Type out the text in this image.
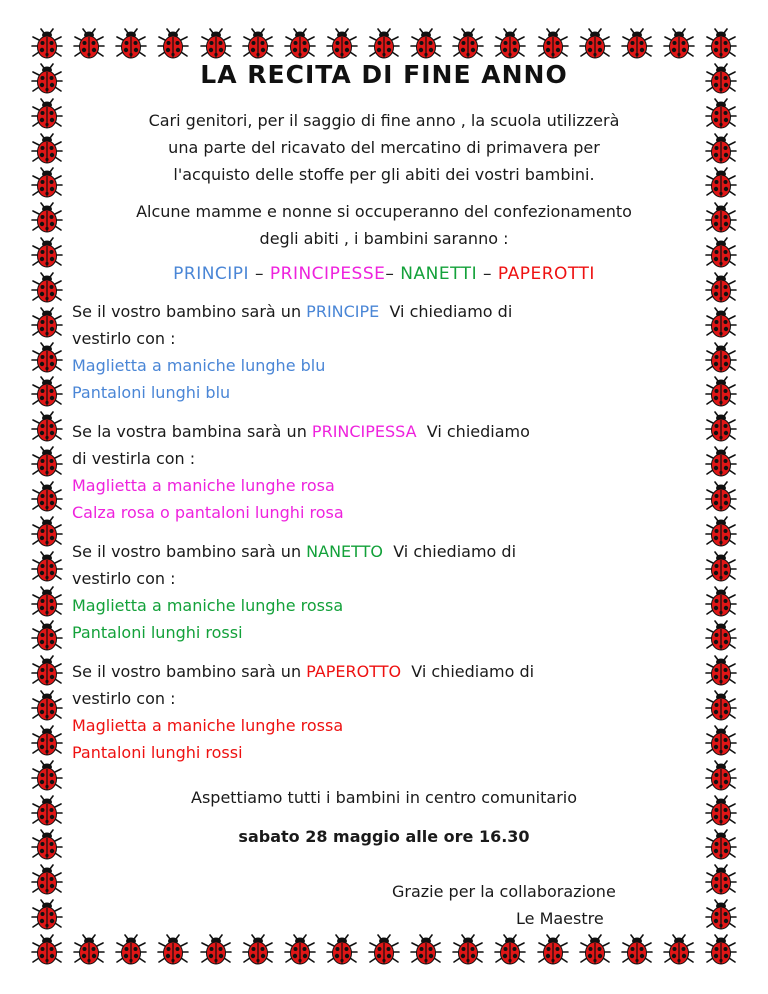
LA RECITA DI FINE ANNO
Cari genitori, per il saggio di fine anno , la scuola utilizzerà
una parte del ricavato del mercatino di primavera per
l'acquisto delle stoffe per gli abiti dei vostri bambini.
Alcune mamme e nonne si occuperanno del confezionamento
degli abiti , i bambini saranno :
PRINCIPI – PRINCIPESSE– NANETTI – PAPEROTTI
Se il vostro bambino sarà un PRINCIPE  Vi chiediamo di
vestirlo con :
Maglietta a maniche lunghe blu
Pantaloni lunghi blu
Se la vostra bambina sarà un PRINCIPESSA  Vi chiediamo
di vestirla con :
Maglietta a maniche lunghe rosa
Calza rosa o pantaloni lunghi rosa
Se il vostro bambino sarà un NANETTO  Vi chiediamo di
vestirlo con :
Maglietta a maniche lunghe rossa
Pantaloni lunghi rossi
Se il vostro bambino sarà un PAPEROTTO  Vi chiediamo di
vestirlo con :
Maglietta a maniche lunghe rossa
Pantaloni lunghi rossi
Aspettiamo tutti i bambini in centro comunitario
sabato 28 maggio alle ore 16.30
Grazie per la collaborazione
Le Maestre
